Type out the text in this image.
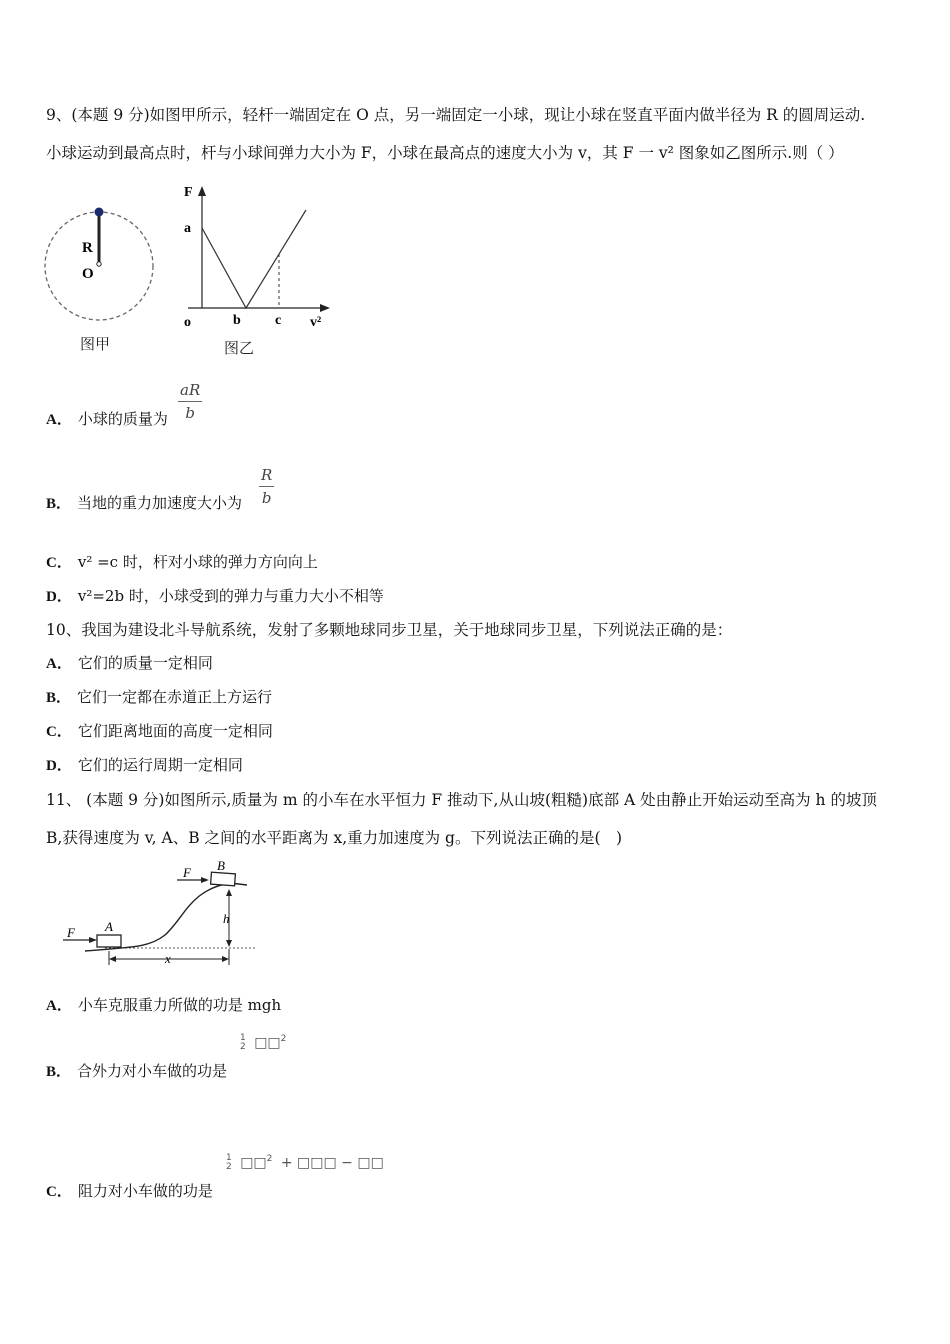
9、(本题 9 分)如图甲所示，轻杆一端固定在 O 点，另一端固定一小球，现让小球在竖直平面内做半径为 R 的圆周运动.
小球运动到最高点时，杆与小球间弹力大小为 F，小球在最高点的速度大小为 v，其 F 一 v² 图象如乙图所示.则（ ）
R
O
图甲
F
a
o	b c v²
图乙
A． 小球的质量为 $\frac{aR}{b}$
B． 当地的重力加速度大小为 $\frac{R}{b}$
C． v² =c 时，杆对小球的弹力方向向上
D． v²=2b 时，小球受到的弹力与重力大小不相等
10、我国为建设北斗导航系统，发射了多颗地球同步卫星，关于地球同步卫星，下列说法正确的是：
A． 它们的质量一定相同
B． 它们一定都在赤道正上方运行
C． 它们距离地面的高度一定相同
D． 它们的运行周期一定相同
11、 (本题 9 分)如图所示,质量为 m 的小车在水平恒力 F 推动下,从山坡(粗糙)底部 A 处由静止开始运动至高为 h 的坡顶
B,获得速度为 v, A、B 之间的水平距离为 x,重力加速度为 g。下列说法正确的是(　)
F
F
A
B
h
x
A． 小车克服重力所做的功是 mgh
B． 合外力对小车做的功是
1
2 □□$^2$
C． 阻力对小车做的功是
1
2 □□$^2$ + □□□ − □□
